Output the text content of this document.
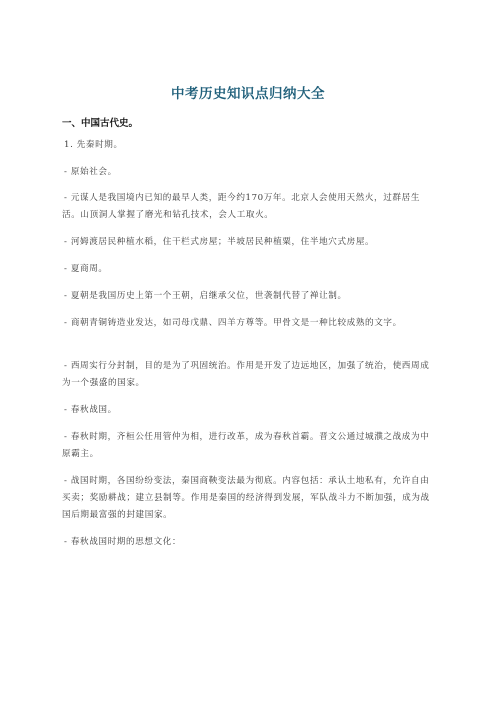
中考历史知识点归纳大全
一、中国古代史。
1. 先秦时期。
- 原始社会。
- 元谋人是我国境内已知的最早人类，距今约170万年。北京人会使用天然火，过群居生活。山顶洞人掌握了磨光和钻孔技术，会人工取火。
- 河姆渡居民种植水稻，住干栏式房屋；半坡居民种植粟，住半地穴式房屋。
- 夏商周。
- 夏朝是我国历史上第一个王朝，启继承父位，世袭制代替了禅让制。
- 商朝青铜铸造业发达，如司母戊鼎、四羊方尊等。甲骨文是一种比较成熟的文字。
- 西周实行分封制，目的是为了巩固统治。作用是开发了边远地区，加强了统治，使西周成为一个强盛的国家。
- 春秋战国。
- 春秋时期，齐桓公任用管仲为相，进行改革，成为春秋首霸。晋文公通过城濮之战成为中原霸主。
- 战国时期，各国纷纷变法，秦国商鞅变法最为彻底。内容包括：承认土地私有，允许自由买卖；奖励耕战；建立县制等。作用是秦国的经济得到发展，军队战斗力不断加强，成为战国后期最富强的封建国家。
- 春秋战国时期的思想文化：
